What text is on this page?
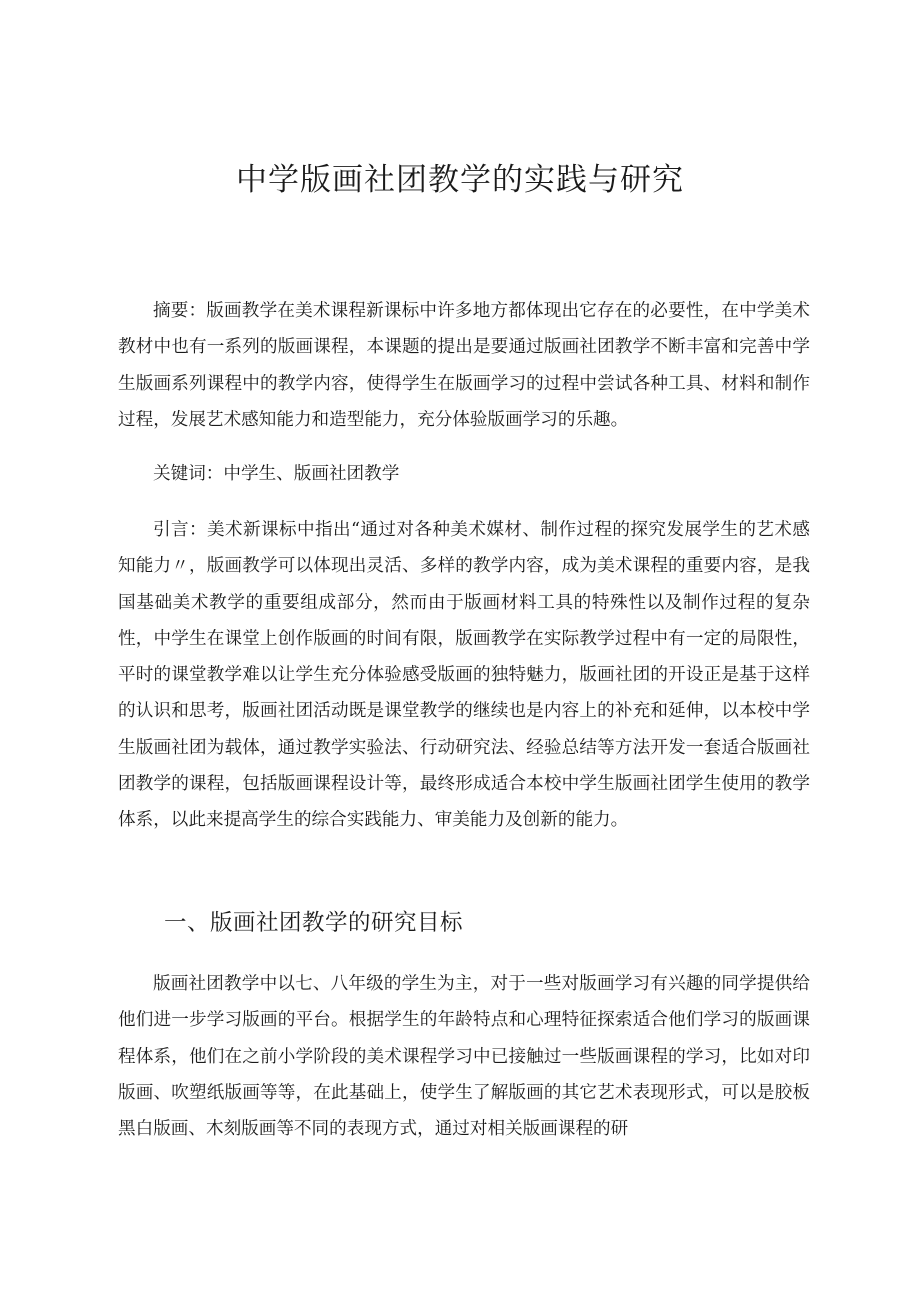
中学版画社团教学的实践与研究

摘要：版画教学在美术课程新课标中许多地方都体现出它存在的必要性，在中学美术教材中也有一系列的版画课程，本课题的提出是要通过版画社团教学不断丰富和完善中学生版画系列课程中的教学内容，使得学生在版画学习的过程中尝试各种工具、材料和制作过程，发展艺术感知能力和造型能力，充分体验版画学习的乐趣。

关键词：中学生、版画社团教学

引言：美术新课标中指出“通过对各种美术媒材、制作过程的探究发展学生的艺术感知能力〃，版画教学可以体现出灵活、多样的教学内容，成为美术课程的重要内容，是我国基础美术教学的重要组成部分，然而由于版画材料工具的特殊性以及制作过程的复杂性，中学生在课堂上创作版画的时间有限，版画教学在实际教学过程中有一定的局限性，平时的课堂教学难以让学生充分体验感受版画的独特魅力，版画社团的开设正是基于这样的认识和思考，版画社团活动既是课堂教学的继续也是内容上的补充和延伸，以本校中学生版画社团为载体，通过教学实验法、行动研究法、经验总结等方法开发一套适合版画社团教学的课程，包括版画课程设计等，最终形成适合本校中学生版画社团学生使用的教学体系，以此来提高学生的综合实践能力、审美能力及创新的能力。

一、版画社团教学的研究目标

版画社团教学中以七、八年级的学生为主，对于一些对版画学习有兴趣的同学提供给他们进一步学习版画的平台。根据学生的年龄特点和心理特征探索适合他们学习的版画课程体系，他们在之前小学阶段的美术课程学习中已接触过一些版画课程的学习，比如对印版画、吹塑纸版画等等，在此基础上，使学生了解版画的其它艺术表现形式，可以是胶板黑白版画、木刻版画等不同的表现方式，通过对相关版画课程的研
